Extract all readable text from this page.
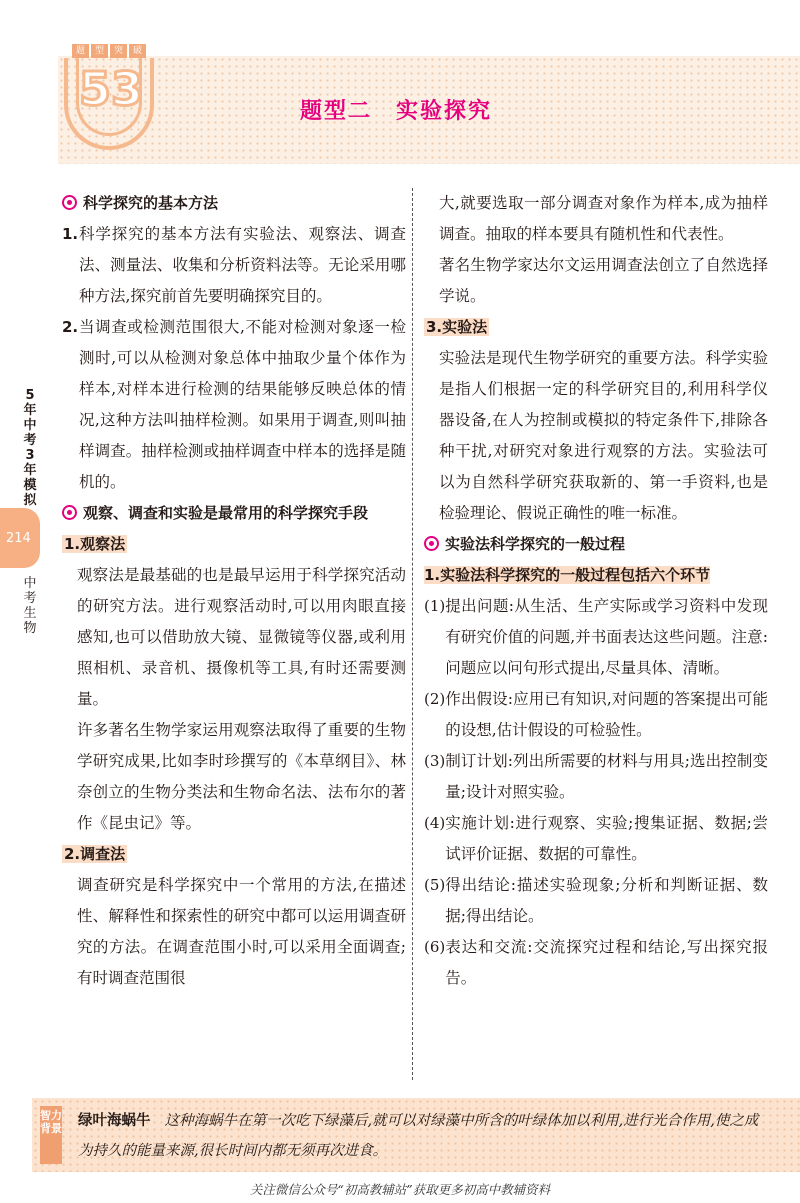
题	型	突	破
53	题型二　实验探究
5年中考3年模拟
214
中考生物
科学探究的基本方法
1. 科学探究的基本方法有实验法、观察法、调查法、测量法、收集和分析资料法等。无论采用哪种方法,探究前首先要明确探究目的。
2. 当调查或检测范围很大,不能对检测对象逐一检测时,可以从检测对象总体中抽取少量个体作为样本,对样本进行检测的结果能够反映总体的情况,这种方法叫抽样检测。如果用于调查,则叫抽样调查。抽样检测或抽样调查中样本的选择是随机的。
观察、调查和实验是最常用的科学探究手段
1.观察法

观察法是最基础的也是最早运用于科学探究活动的研究方法。进行观察活动时,可以用肉眼直接感知,也可以借助放大镜、显微镜等仪器,或利用照相机、录音机、摄像机等工具,有时还需要测量。

许多著名生物学家运用观察法取得了重要的生物学研究成果,比如李时珍撰写的《本草纲目》、林奈创立的生物分类法和生物命名法、法布尔的著作《昆虫记》等。

2.调查法

调查研究是科学探究中一个常用的方法,在描述性、解释性和探索性的研究中都可以运用调查研究的方法。在调查范围小时,可以采用全面调查;有时调查范围很

大,就要选取一部分调查对象作为样本,成为抽样调查。抽取的样本要具有随机性和代表性。

著名生物学家达尔文运用调查法创立了自然选择学说。

3.实验法

实验法是现代生物学研究的重要方法。科学实验是指人们根据一定的科学研究目的,利用科学仪器设备,在人为控制或模拟的特定条件下,排除各种干扰,对研究对象进行观察的方法。实验法可以为自然科学研究获取新的、第一手资料,也是检验理论、假说正确性的唯一标准。

实验法科学探究的一般过程
1.实验法科学探究的一般过程包括六个环节
(1) 提出问题:从生活、生产实际或学习资料中发现有研究价值的问题,并书面表达这些问题。注意:问题应以问句形式提出,尽量具体、清晰。
(2) 作出假设:应用已有知识,对问题的答案提出可能的设想,估计假设的可检验性。
(3) 制订计划:列出所需要的材料与用具;选出控制变量;设计对照实验。
(4) 实施计划:进行观察、实验;搜集证据、数据;尝试评价证据、数据的可靠性。
(5) 得出结论:描述实验现象;分析和判断证据、数据;得出结论。
(6) 表达和交流:交流探究过程和结论,写出探究报告。
智力背景 绿叶海蜗牛 这种海蜗牛在第一次吃下绿藻后,就可以对绿藻中所含的叶绿体加以利用,进行光合作用,使之成为持久的能量来源,很长时间内都无须再次进食。
关注微信公众号“初高教辅站”获取更多初高中教辅资料
